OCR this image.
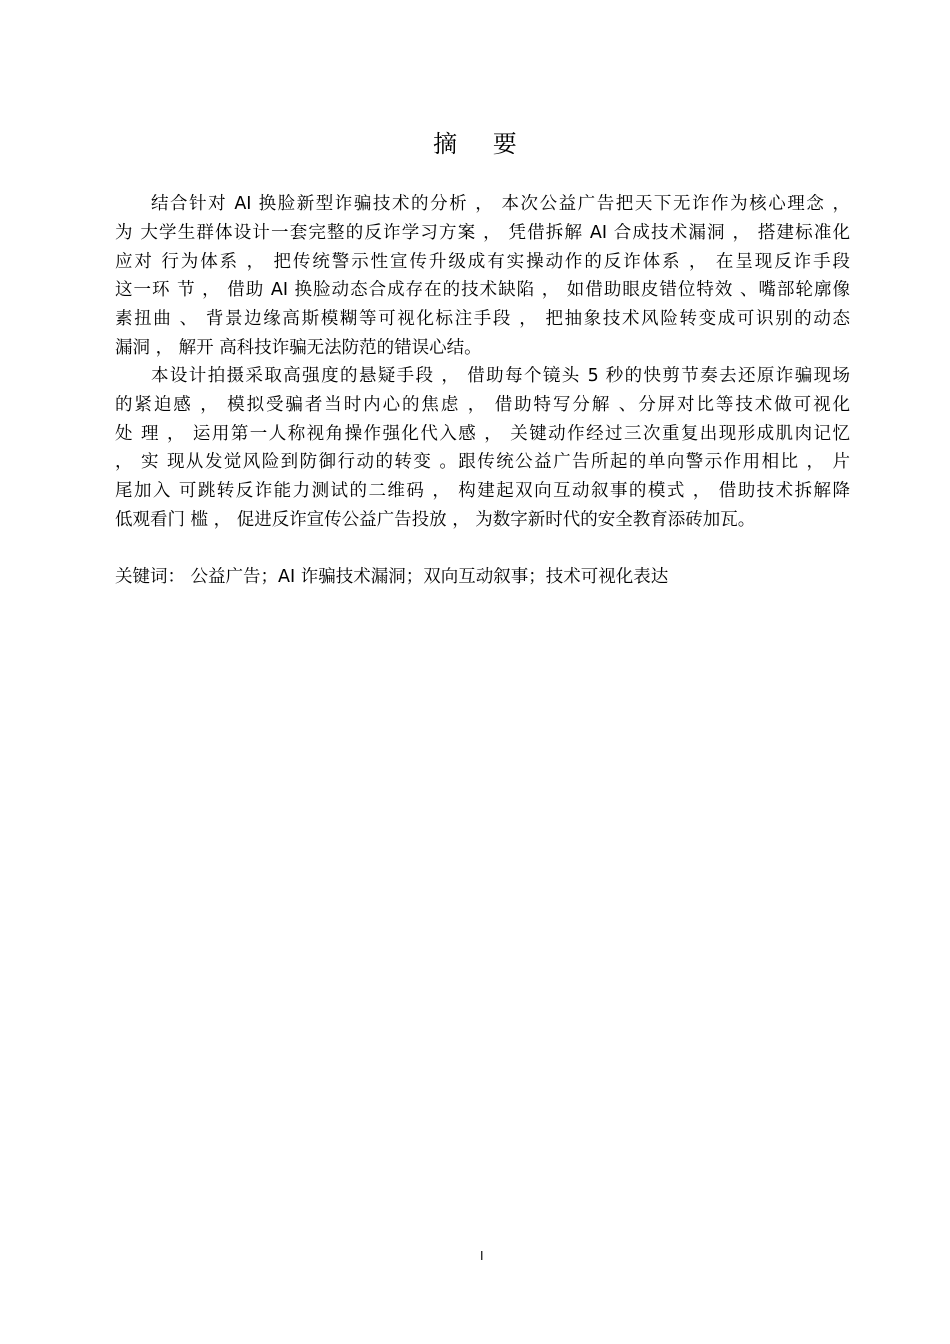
摘 要
结合针对 AI 换脸新型诈骗技术的分析 ， 本次公益广告把天下无诈作为核心理念 ，
为 大学生群体设计一套完整的反诈学习方案 ， 凭借拆解 AI 合成技术漏洞 ， 搭建标准化
应对 行为体系 ， 把传统警示性宣传升级成有实操动作的反诈体系 ， 在呈现反诈手段
这一环 节 ， 借助 AI 换脸动态合成存在的技术缺陷 ， 如借助眼皮错位特效 、嘴部轮廓像
素扭曲 、 背景边缘高斯模糊等可视化标注手段 ， 把抽象技术风险转变成可识别的动态
漏洞 ， 解开 高科技诈骗无法防范的错误心结。
本设计拍摄采取高强度的悬疑手段 ， 借助每个镜头 5 秒的快剪节奏去还原诈骗现场
的紧迫感 ， 模拟受骗者当时内心的焦虑 ， 借助特写分解 、分屏对比等技术做可视化
处 理 ， 运用第一人称视角操作强化代入感 ， 关键动作经过三次重复出现形成肌肉记忆
， 实 现从发觉风险到防御行动的转变 。跟传统公益广告所起的单向警示作用相比 ， 片
尾加入 可跳转反诈能力测试的二维码 ， 构建起双向互动叙事的模式 ， 借助技术拆解降
低观看门 槛 ， 促进反诈宣传公益广告投放 ， 为数字新时代的安全教育添砖加瓦。
关键词： 公益广告；AI 诈骗技术漏洞；双向互动叙事；技术可视化表达
I
